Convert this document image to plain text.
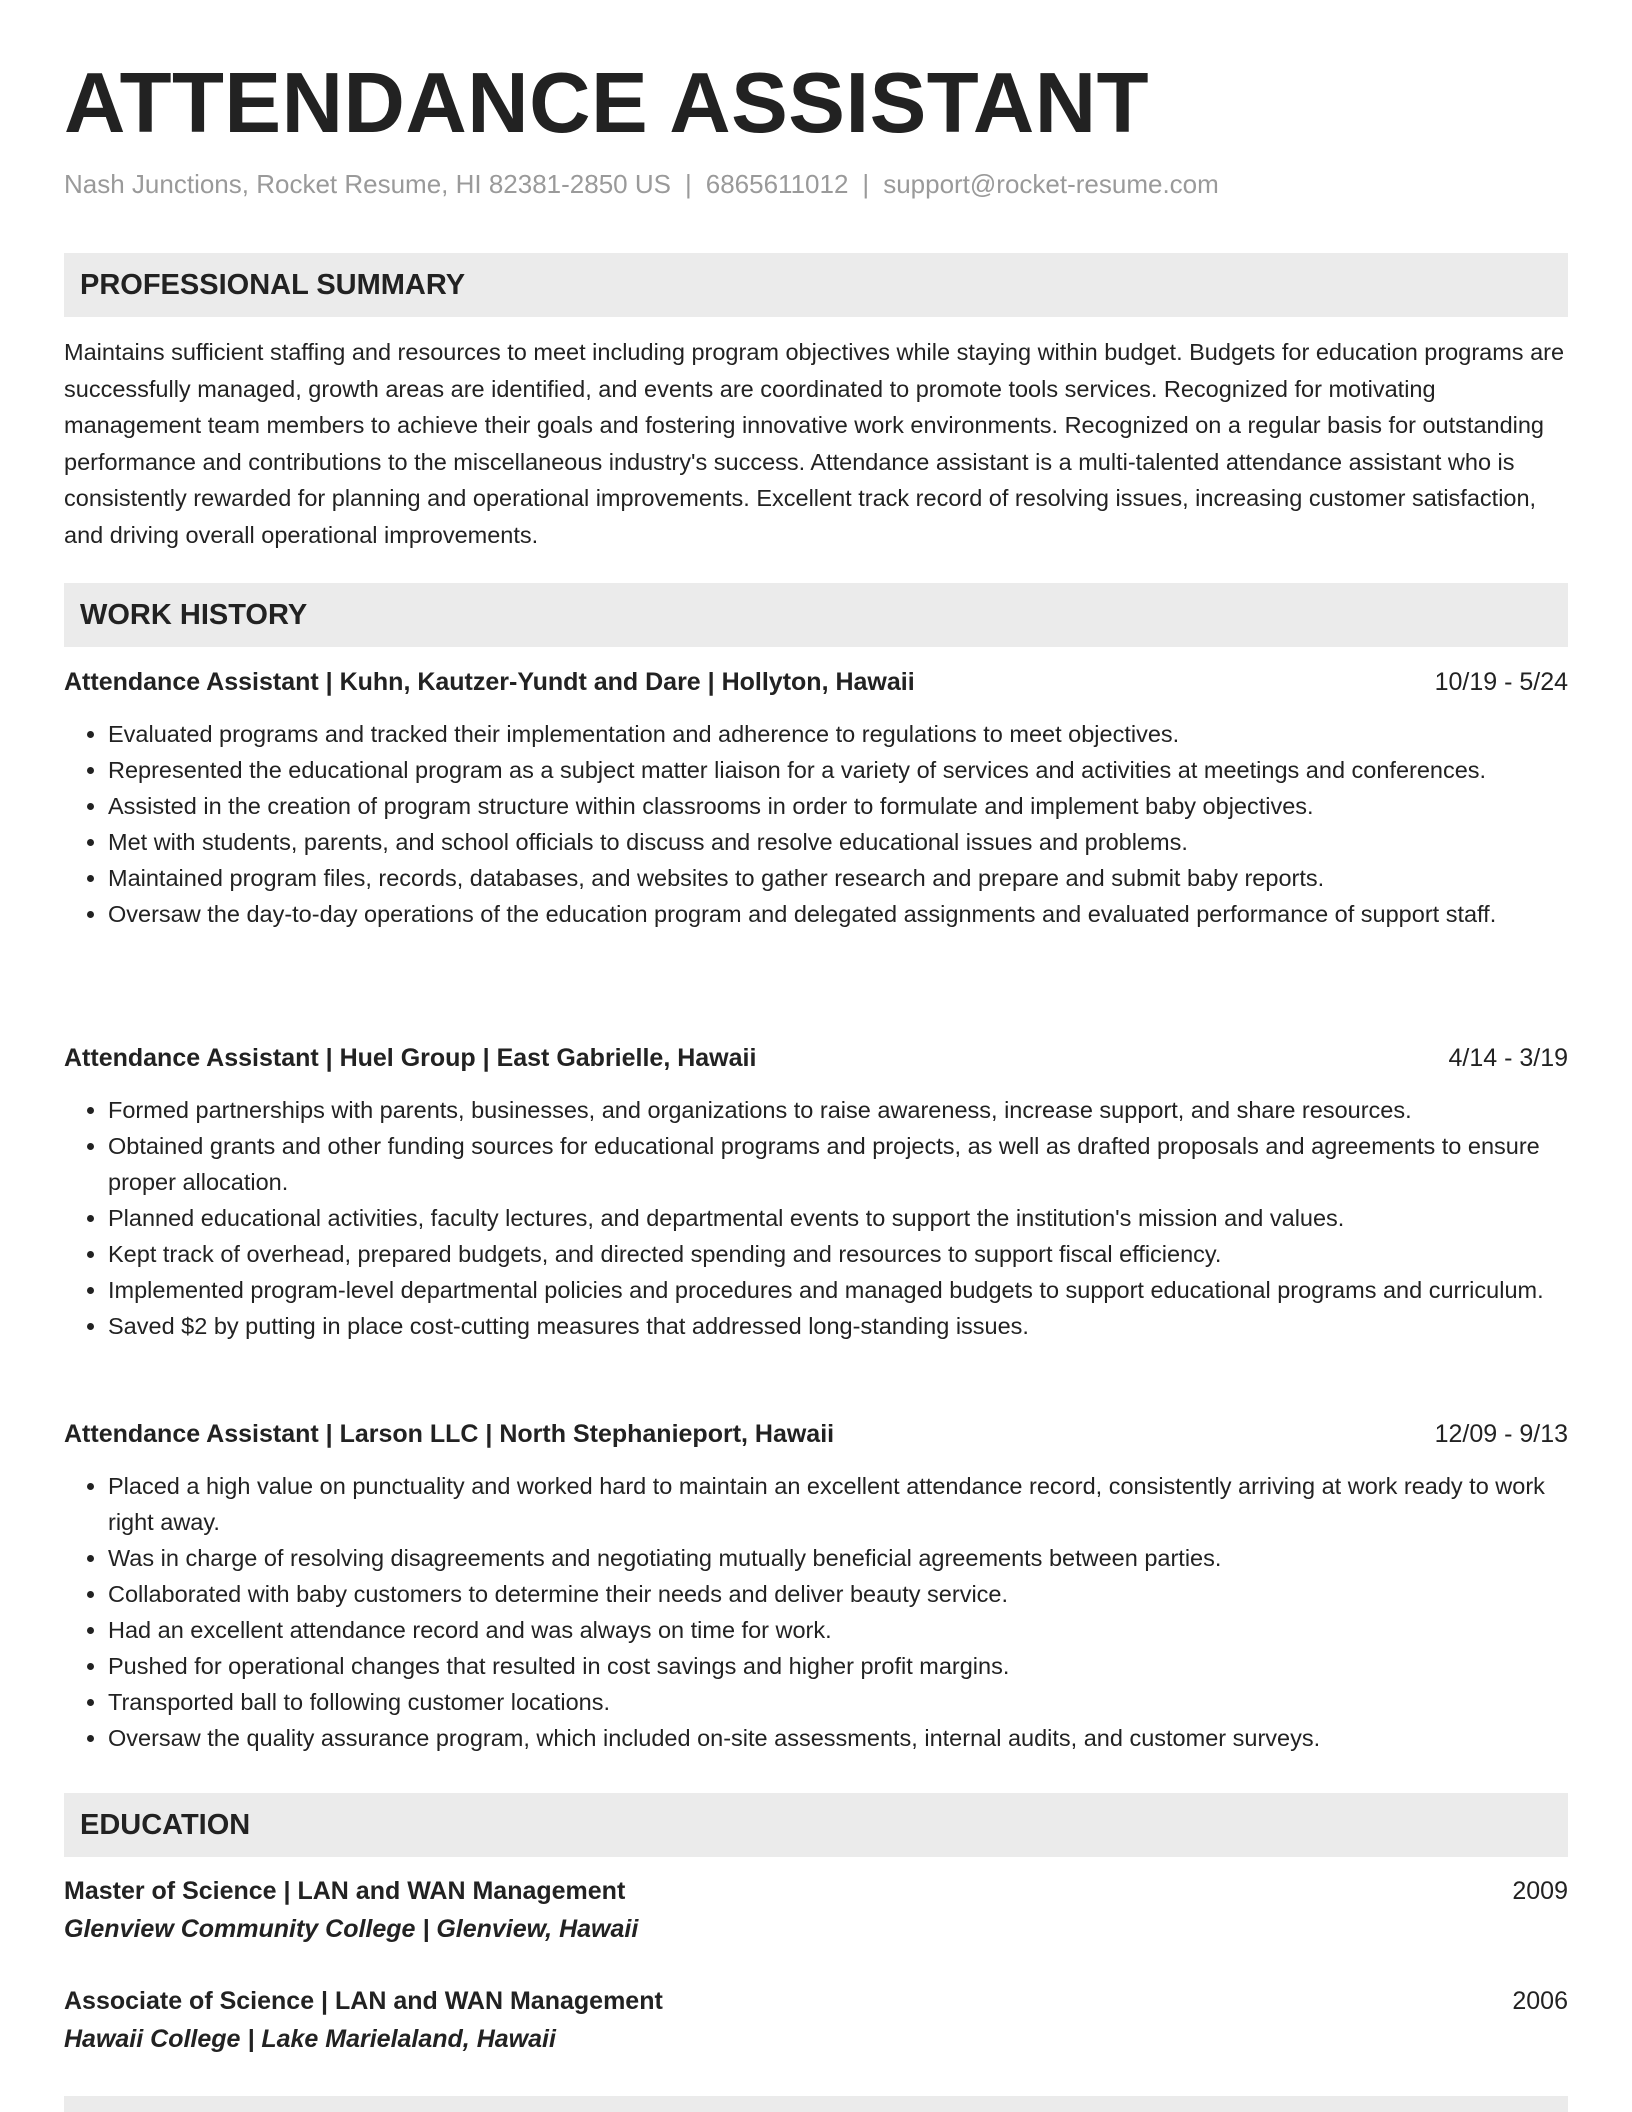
ATTENDANCE ASSISTANT
Nash Junctions, Rocket Resume, HI 82381-2850 US | 6865611012 | support@rocket-resume.com
PROFESSIONAL SUMMARY
Maintains sufficient staffing and resources to meet including program objectives while staying within budget. Budgets for education programs are successfully managed, growth areas are identified, and events are coordinated to promote tools services. Recognized for motivating management team members to achieve their goals and fostering innovative work environments. Recognized on a regular basis for outstanding performance and contributions to the miscellaneous industry's success. Attendance assistant is a multi-talented attendance assistant who is consistently rewarded for planning and operational improvements. Excellent track record of resolving issues, increasing customer satisfaction, and driving overall operational improvements.
WORK HISTORY
Attendance Assistant | Kuhn, Kautzer-Yundt and Dare | Hollyton, Hawaii	10/19 - 5/24
• Evaluated programs and tracked their implementation and adherence to regulations to meet objectives.
• Represented the educational program as a subject matter liaison for a variety of services and activities at meetings and conferences.
• Assisted in the creation of program structure within classrooms in order to formulate and implement baby objectives.
• Met with students, parents, and school officials to discuss and resolve educational issues and problems.
• Maintained program files, records, databases, and websites to gather research and prepare and submit baby reports.
• Oversaw the day-to-day operations of the education program and delegated assignments and evaluated performance of support staff.
Attendance Assistant | Huel Group | East Gabrielle, Hawaii	4/14 - 3/19
• Formed partnerships with parents, businesses, and organizations to raise awareness, increase support, and share resources.
• Obtained grants and other funding sources for educational programs and projects, as well as drafted proposals and agreements to ensure proper allocation.
• Planned educational activities, faculty lectures, and departmental events to support the institution's mission and values.
• Kept track of overhead, prepared budgets, and directed spending and resources to support fiscal efficiency.
• Implemented program-level departmental policies and procedures and managed budgets to support educational programs and curriculum.
• Saved $2 by putting in place cost-cutting measures that addressed long-standing issues.
Attendance Assistant | Larson LLC | North Stephanieport, Hawaii	12/09 - 9/13
• Placed a high value on punctuality and worked hard to maintain an excellent attendance record, consistently arriving at work ready to work right away.
• Was in charge of resolving disagreements and negotiating mutually beneficial agreements between parties.
• Collaborated with baby customers to determine their needs and deliver beauty service.
• Had an excellent attendance record and was always on time for work.
• Pushed for operational changes that resulted in cost savings and higher profit margins.
• Transported ball to following customer locations.
• Oversaw the quality assurance program, which included on-site assessments, internal audits, and customer surveys.
EDUCATION
Master of Science | LAN and WAN Management	2009
Glenview Community College | Glenview, Hawaii
Associate of Science | LAN and WAN Management	2006
Hawaii College | Lake Marielaland, Hawaii
